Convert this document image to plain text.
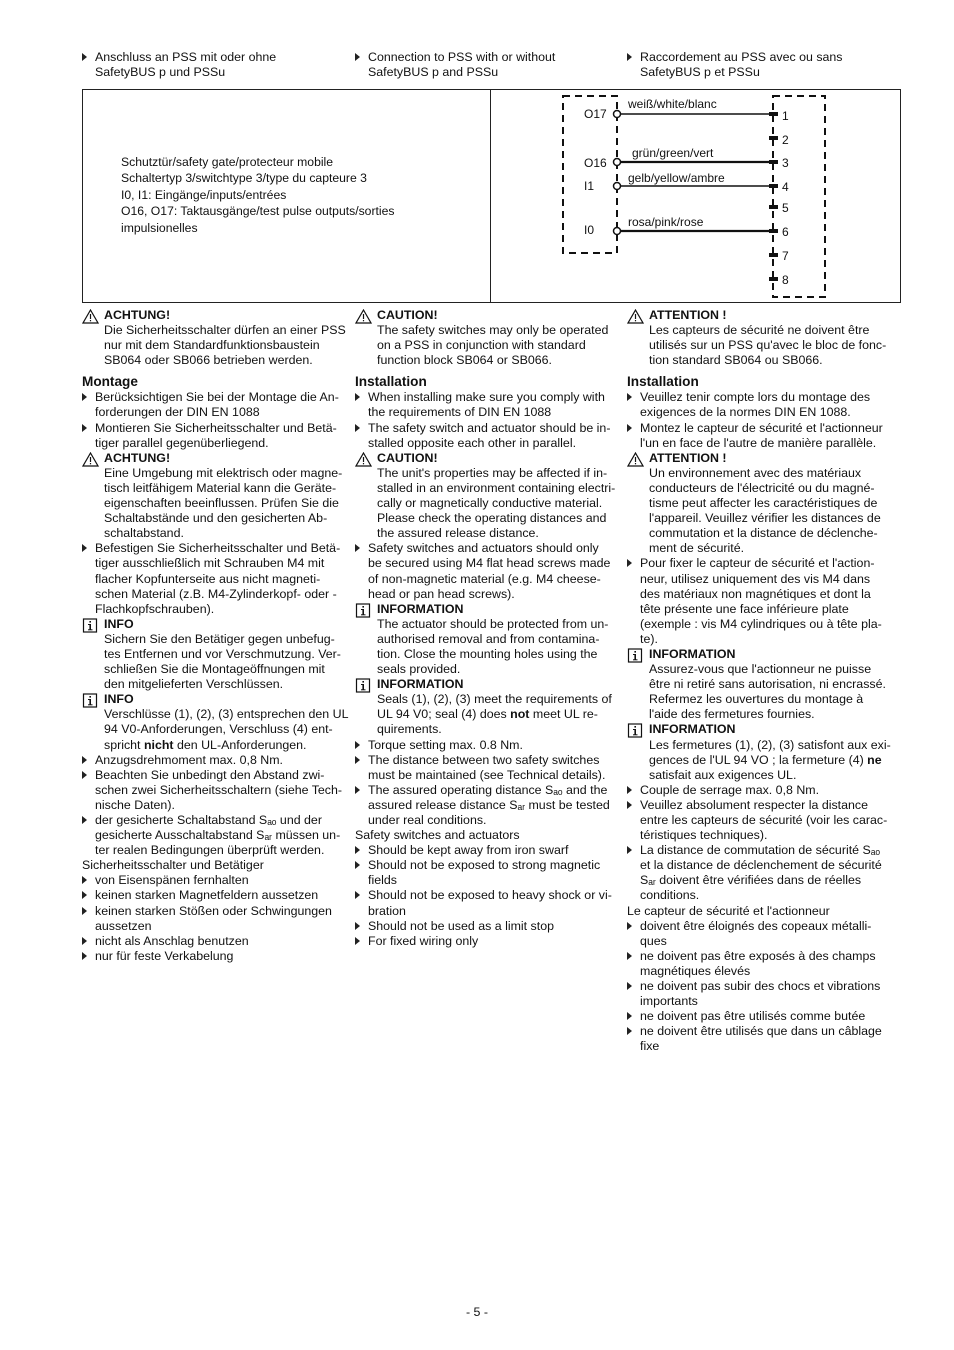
Anschluss an PSS mit oder ohne
SafetyBUS p und PSSu
Connection to PSS with or without
SafetyBUS p and PSSu
Raccordement au PSS avec ou sans
SafetyBUS p et PSSu
Schutztür/safety gate/protecteur mobile
Schaltertyp 3/switchtype 3/type du capteure 3
I0, I1: Eingänge/inputs/entrées
O16, O17: Taktausgänge/test pulse outputs/sorties
impulsionelles
O17
O16
I1
I0
weiß/white/blanc
grün/green/vert
gelb/yellow/ambre
rosa/pink/rose
1
2
3
4
5
6
7
8
ACHTUNG!
Die Sicherheitsschalter dürfen an einer PSS
nur mit dem Standardfunktionsbaustein
SB064 oder SB066 betrieben werden.
Montage
Berücksichtigen Sie bei der Montage die An-
forderungen der DIN EN 1088
Montieren Sie Sicherheitsschalter und Betä-
tiger parallel gegenüberliegend.
ACHTUNG!
Eine Umgebung mit elektrisch oder magne-
tisch leitfähigem Material kann die Geräte-
eigenschaften beeinflussen. Prüfen Sie die
Schaltabstände und den gesicherten Ab-
schaltabstand.
Befestigen Sie Sicherheitsschalter und Betä-
tiger ausschließlich mit Schrauben M4 mit
flacher Kopfunterseite aus nicht magneti-
schen Material (z.B. M4-Zylinderkopf- oder -
Flachkopfschrauben).
INFO
Sichern Sie den Betätiger gegen unbefug-
tes Entfernen und vor Verschmutzung. Ver-
schließen Sie die Montageöffnungen mit
den mitgelieferten Verschlüssen.
INFO
Verschlüsse (1), (2), (3) entsprechen den UL
94 V0-Anforderungen, Verschluss (4) ent-
spricht nicht den UL-Anforderungen.
Anzugsdrehmoment max. 0,8 Nm.
Beachten Sie unbedingt den Abstand zwi-
schen zwei Sicherheitsschaltern (siehe Tech-
nische Daten).
der gesicherte Schaltabstand Sₐₒ und der
gesicherte Ausschaltabstand Sₐᵣ müssen un-
ter realen Bedingungen überprüft werden.
Sicherheitsschalter und Betätiger
von Eisenspänen fernhalten
keinen starken Magnetfeldern aussetzen
keinen starken Stößen oder Schwingungen
aussetzen
nicht als Anschlag benutzen
nur für feste Verkabelung
CAUTION!
The safety switches may only be operated
on a PSS in conjunction with standard
function block SB064 or SB066.
Installation
When installing make sure you comply with
the requirements of DIN EN 1088
The safety switch and actuator should be in-
stalled opposite each other in parallel.
CAUTION!
The unit's properties may be affected if in-
stalled in an environment containing electri-
cally or magnetically conductive material.
Please check the operating distances and
the assured release distance.
Safety switches and actuators should only
be secured using M4 flat head screws made
of non-magnetic material (e.g. M4 cheese-
head or pan head screws).
INFORMATION
The actuator should be protected from un-
authorised removal and from contamina-
tion. Close the mounting holes using the
seals provided.
INFORMATION
Seals (1), (2), (3) meet the requirements of
UL 94 V0; seal (4) does not meet UL re-
quirements.
Torque setting max. 0.8 Nm.
The distance between two safety switches
must be maintained (see Technical details).
The assured operating distance Sₐₒ and the
assured release distance Sₐᵣ must be tested
under real conditions.
Safety switches and actuators
Should be kept away from iron swarf
Should not be exposed to strong magnetic
fields
Should not be exposed to heavy shock or vi-
bration
Should not be used as a limit stop
For fixed wiring only
ATTENTION !
Les capteurs de sécurité ne doivent être
utilisés sur un PSS qu'avec le bloc de fonc-
tion standard SB064 ou SB066.
Installation
Veuillez tenir compte lors du montage des
exigences de la normes DIN EN 1088.
Montez le capteur de sécurité et l'actionneur
l'un en face de l'autre de manière parallèle.
ATTENTION !
Un environnement avec des matériaux
conducteurs de l'électricité ou du magné-
tisme peut affecter les caractéristiques de
l'appareil. Veuillez vérifier les distances de
commutation et la distance de déclenche-
ment de sécurité.
Pour fixer le capteur de sécurité et l'action-
neur, utilisez uniquement des vis M4 dans
des matériaux non magnétiques et dont la
tête présente une face inférieure plate
(exemple : vis M4 cylindriques ou à tête pla-
te).
INFORMATION
Assurez-vous que l'actionneur ne puisse
être ni retiré sans autorisation, ni encrassé.
Refermez les ouvertures du montage à
l'aide des fermetures fournies.
INFORMATION
Les fermetures (1), (2), (3) satisfont aux exi-
gences de l'UL 94 VO ; la fermeture (4) ne
satisfait aux exigences UL.
Couple de serrage max. 0,8 Nm.
Veuillez absolument respecter la distance
entre les capteurs de sécurité (voir les carac-
téristiques techniques).
La distance de commutation de sécurité Sₐₒ
et la distance de déclenchement de sécurité
Sₐᵣ doivent être vérifiées dans de réelles
conditions.
Le capteur de sécurité et l'actionneur
doivent être éloignés des copeaux métalli-
ques
ne doivent pas être exposés à des champs
magnétiques élevés
ne doivent pas subir des chocs et vibrations
importants
ne doivent pas être utilisés comme butée
ne doivent être utilisés que dans un câblage
fixe
- 5 -
